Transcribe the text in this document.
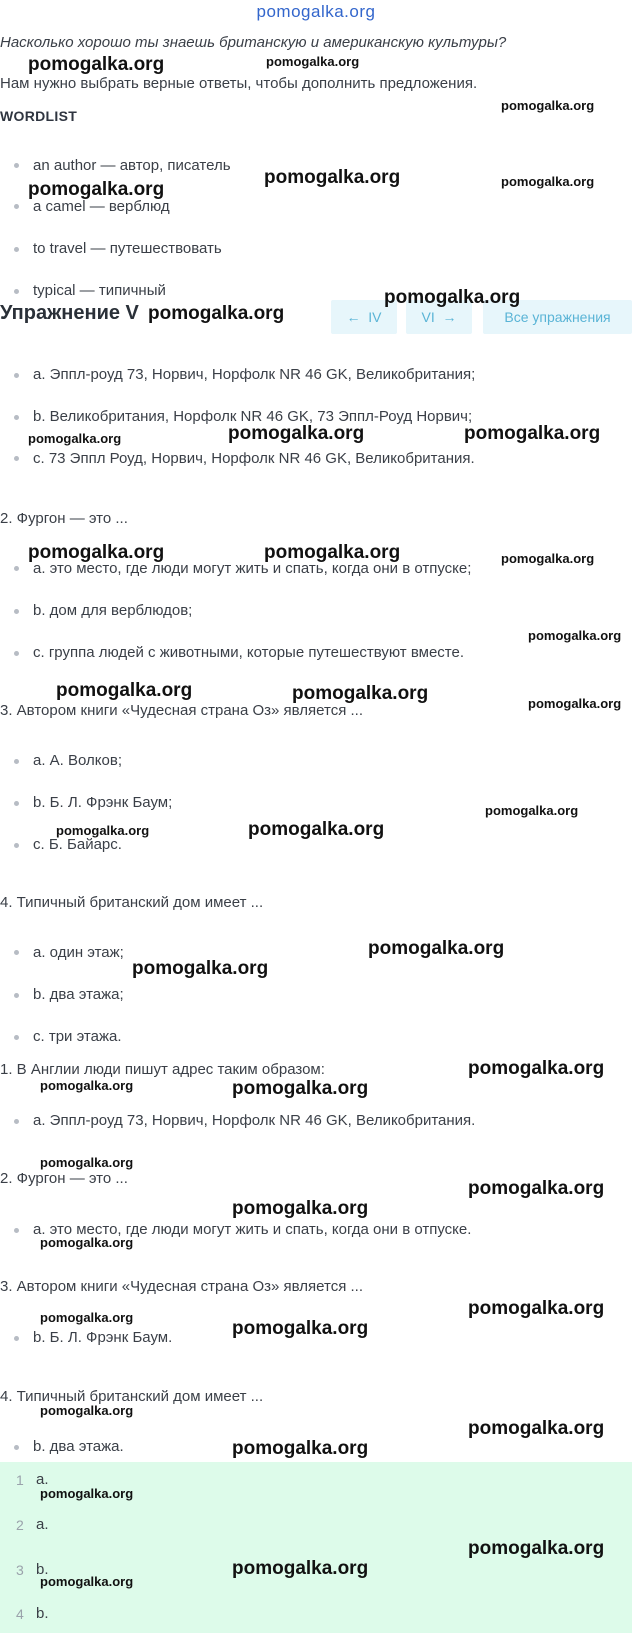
pomogalka.org
Насколько хорошо ты знаешь британскую и американскую культуры?
Нам нужно выбрать верные ответы, чтобы дополнить предложения.
WORDLIST
an author — автор, писатель
a camel — верблюд
to travel — путешествовать
typical — типичный
Упражнение V	←
IV	VI
→	Все упражнения
a. Эппл-роуд 73, Норвич, Норфолк NR 46 GK, Великобритания;
b. Великобритания, Норфолк NR 46 GK, 73 Эппл-Роуд Норвич;
c. 73 Эппл Роуд, Норвич, Норфолк NR 46 GK, Великобритания.
2. Фургон — это ...
a. это место, где люди могут жить и спать, когда они в отпуске;
b. дом для верблюдов;
c. группа людей с животными, которые путешествуют вместе.
3. Автором книги «Чудесная страна Оз» является ...
a. А. Волков;
b. Б. Л. Фрэнк Баум;
c. Б. Байарс.
4. Типичный британский дом имеет ...
a. один этаж;
b. два этажа;
c. три этажа.
1. В Англии люди пишут адрес таким образом:
a. Эппл-роуд 73, Норвич, Норфолк NR 46 GK, Великобритания.
2. Фургон — это ...
a. это место, где люди могут жить и спать, когда они в отпуске.
3. Автором книги «Чудесная страна Оз» является ...
b. Б. Л. Фрэнк Баум.
4. Типичный британский дом имеет ...
b. два этажа.
1 a.
2 a.
3 b.
4 b.
pomogalka.org	pomogalka.org
pomogalka.org
pomogalka.org
pomogalka.org	pomogalka.org
pomogalka.org
pomogalka.org
pomogalka.org	pomogalka.org	pomogalka.org
pomogalka.org	pomogalka.org	pomogalka.org
pomogalka.org
pomogalka.org	pomogalka.org	pomogalka.org
pomogalka.org
pomogalka.org	pomogalka.org
pomogalka.org
pomogalka.org
pomogalka.org
pomogalka.org	pomogalka.org
pomogalka.org
pomogalka.org
pomogalka.org
pomogalka.org
pomogalka.org
pomogalka.org
pomogalka.org
pomogalka.org
pomogalka.org
pomogalka.org
pomogalka.org
pomogalka.org
pomogalka.org
pomogalka.org
